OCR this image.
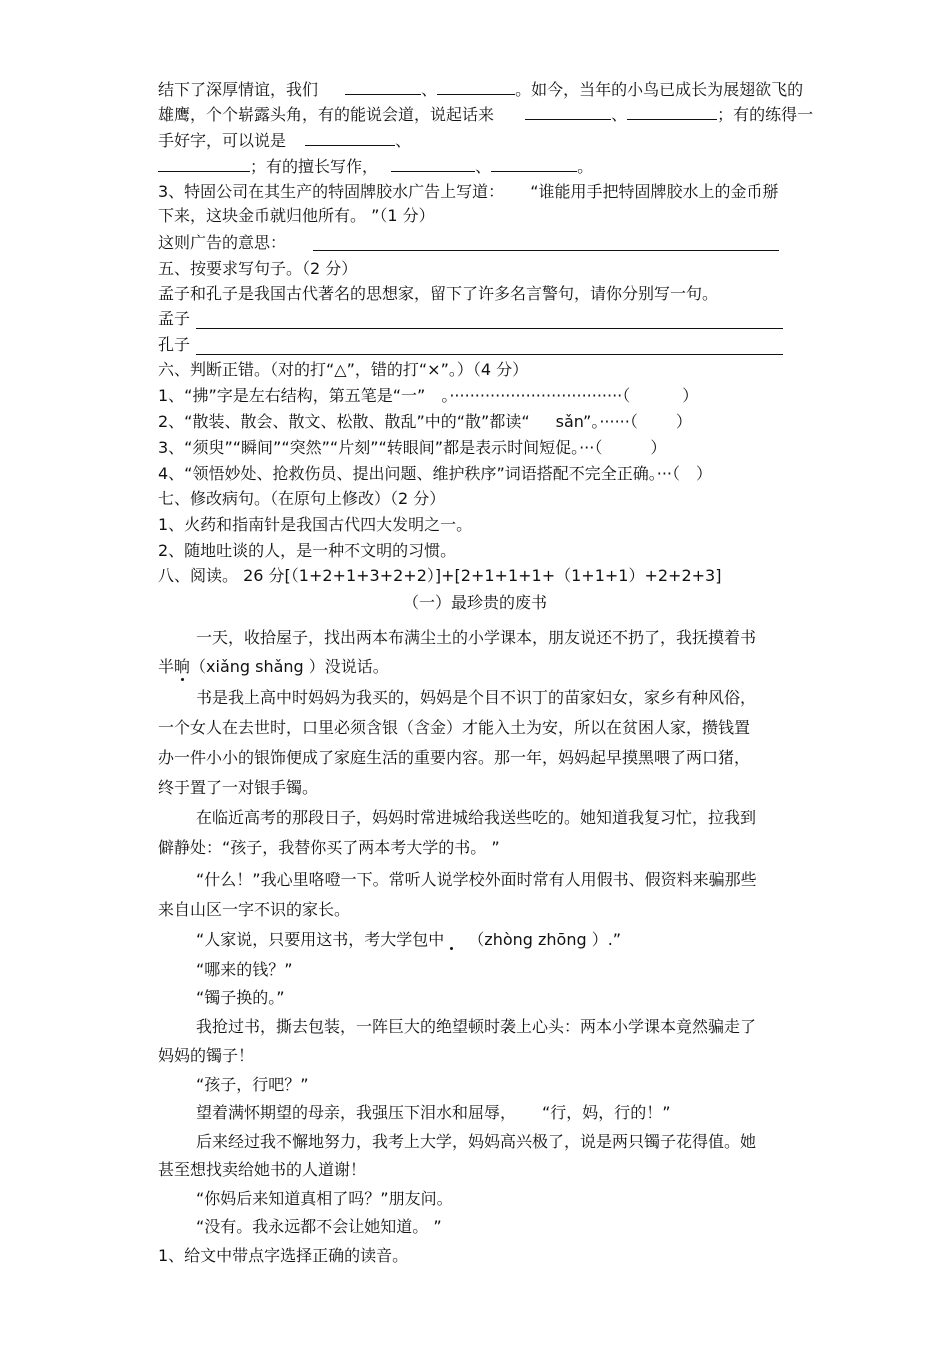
结下了深厚情谊，我们	、	。如今，当年的小鸟已成长为展翅欲飞的
雄鹰，个个崭露头角，有的能说会道，说起话来	、	；有的练得一
手好字，可以说是	、
；有的擅长写作，	、	。
3、特固公司在其生产的特固牌胶水广告上写道： “谁能用手把特固牌胶水上的金币掰
下来，这块金币就归他所有。 ”（1 分）
这则广告的意思：
五、按要求写句子。（2 分）
孟子和孔子是我国古代著名的思想家，留下了许多名言警句，请你分别写一句。
孟子
孔子
六、判断正错。（对的打“△”，错的打“×”。）（4 分）
1、“拂”字是左右结构，第五笔是“一” 。··································（	）
2、“散装、散会、散文、松散、散乱”中的“散”都读“ sǎn”。······（ ）
3、“须臾”“瞬间”“突然”“片刻”“转眼间”都是表示时间短促。···（	）
4、“领悟妙处、抢救伤员、提出问题、维护秩序”词语搭配不完全正确。···（　）
七、修改病句。（在原句上修改）（2 分）
1、火药和指南针是我国古代四大发明之一。
2、随地吐谈的人，是一种不文明的习惯。
八、阅读。 26 分[（1+2+1+3+2+2）]+[2+1+1+1+（1+1+1）+2+2+3]
（一）最珍贵的废书
一天，收拾屋子，找出两本布满尘土的小学课本，朋友说还不扔了，我抚摸着书
半晌（xiǎng shǎng ）没说话。
书是我上高中时妈妈为我买的，妈妈是个目不识丁的苗家妇女，家乡有种风俗，
一个女人在去世时，口里必须含银（含金）才能入土为安，所以在贫困人家，攒钱置
办一件小小的银饰便成了家庭生活的重要内容。那一年，妈妈起早摸黑喂了两口猪，
终于置了一对银手镯。
在临近高考的那段日子，妈妈时常进城给我送些吃的。她知道我复习忙，拉我到
僻静处：“孩子，我替你买了两本考大学的书。 ”
“什么！”我心里咯噔一下。常听人说学校外面时常有人用假书、假资料来骗那些
来自山区一字不识的家长。
“人家说，只要用这书，考大学包中 （zhòng zhōng ）.”
“哪来的钱？”
“镯子换的。”
我抢过书，撕去包装，一阵巨大的绝望顿时袭上心头：两本小学课本竟然骗走了
妈妈的镯子！
“孩子，行吧？”
望着满怀期望的母亲，我强压下泪水和屈辱， “行，妈，行的！”
后来经过我不懈地努力，我考上大学，妈妈高兴极了，说是两只镯子花得值。她
甚至想找卖给她书的人道谢！
“你妈后来知道真相了吗？”朋友问。
“没有。我永远都不会让她知道。 ”
1、给文中带点字选择正确的读音。
